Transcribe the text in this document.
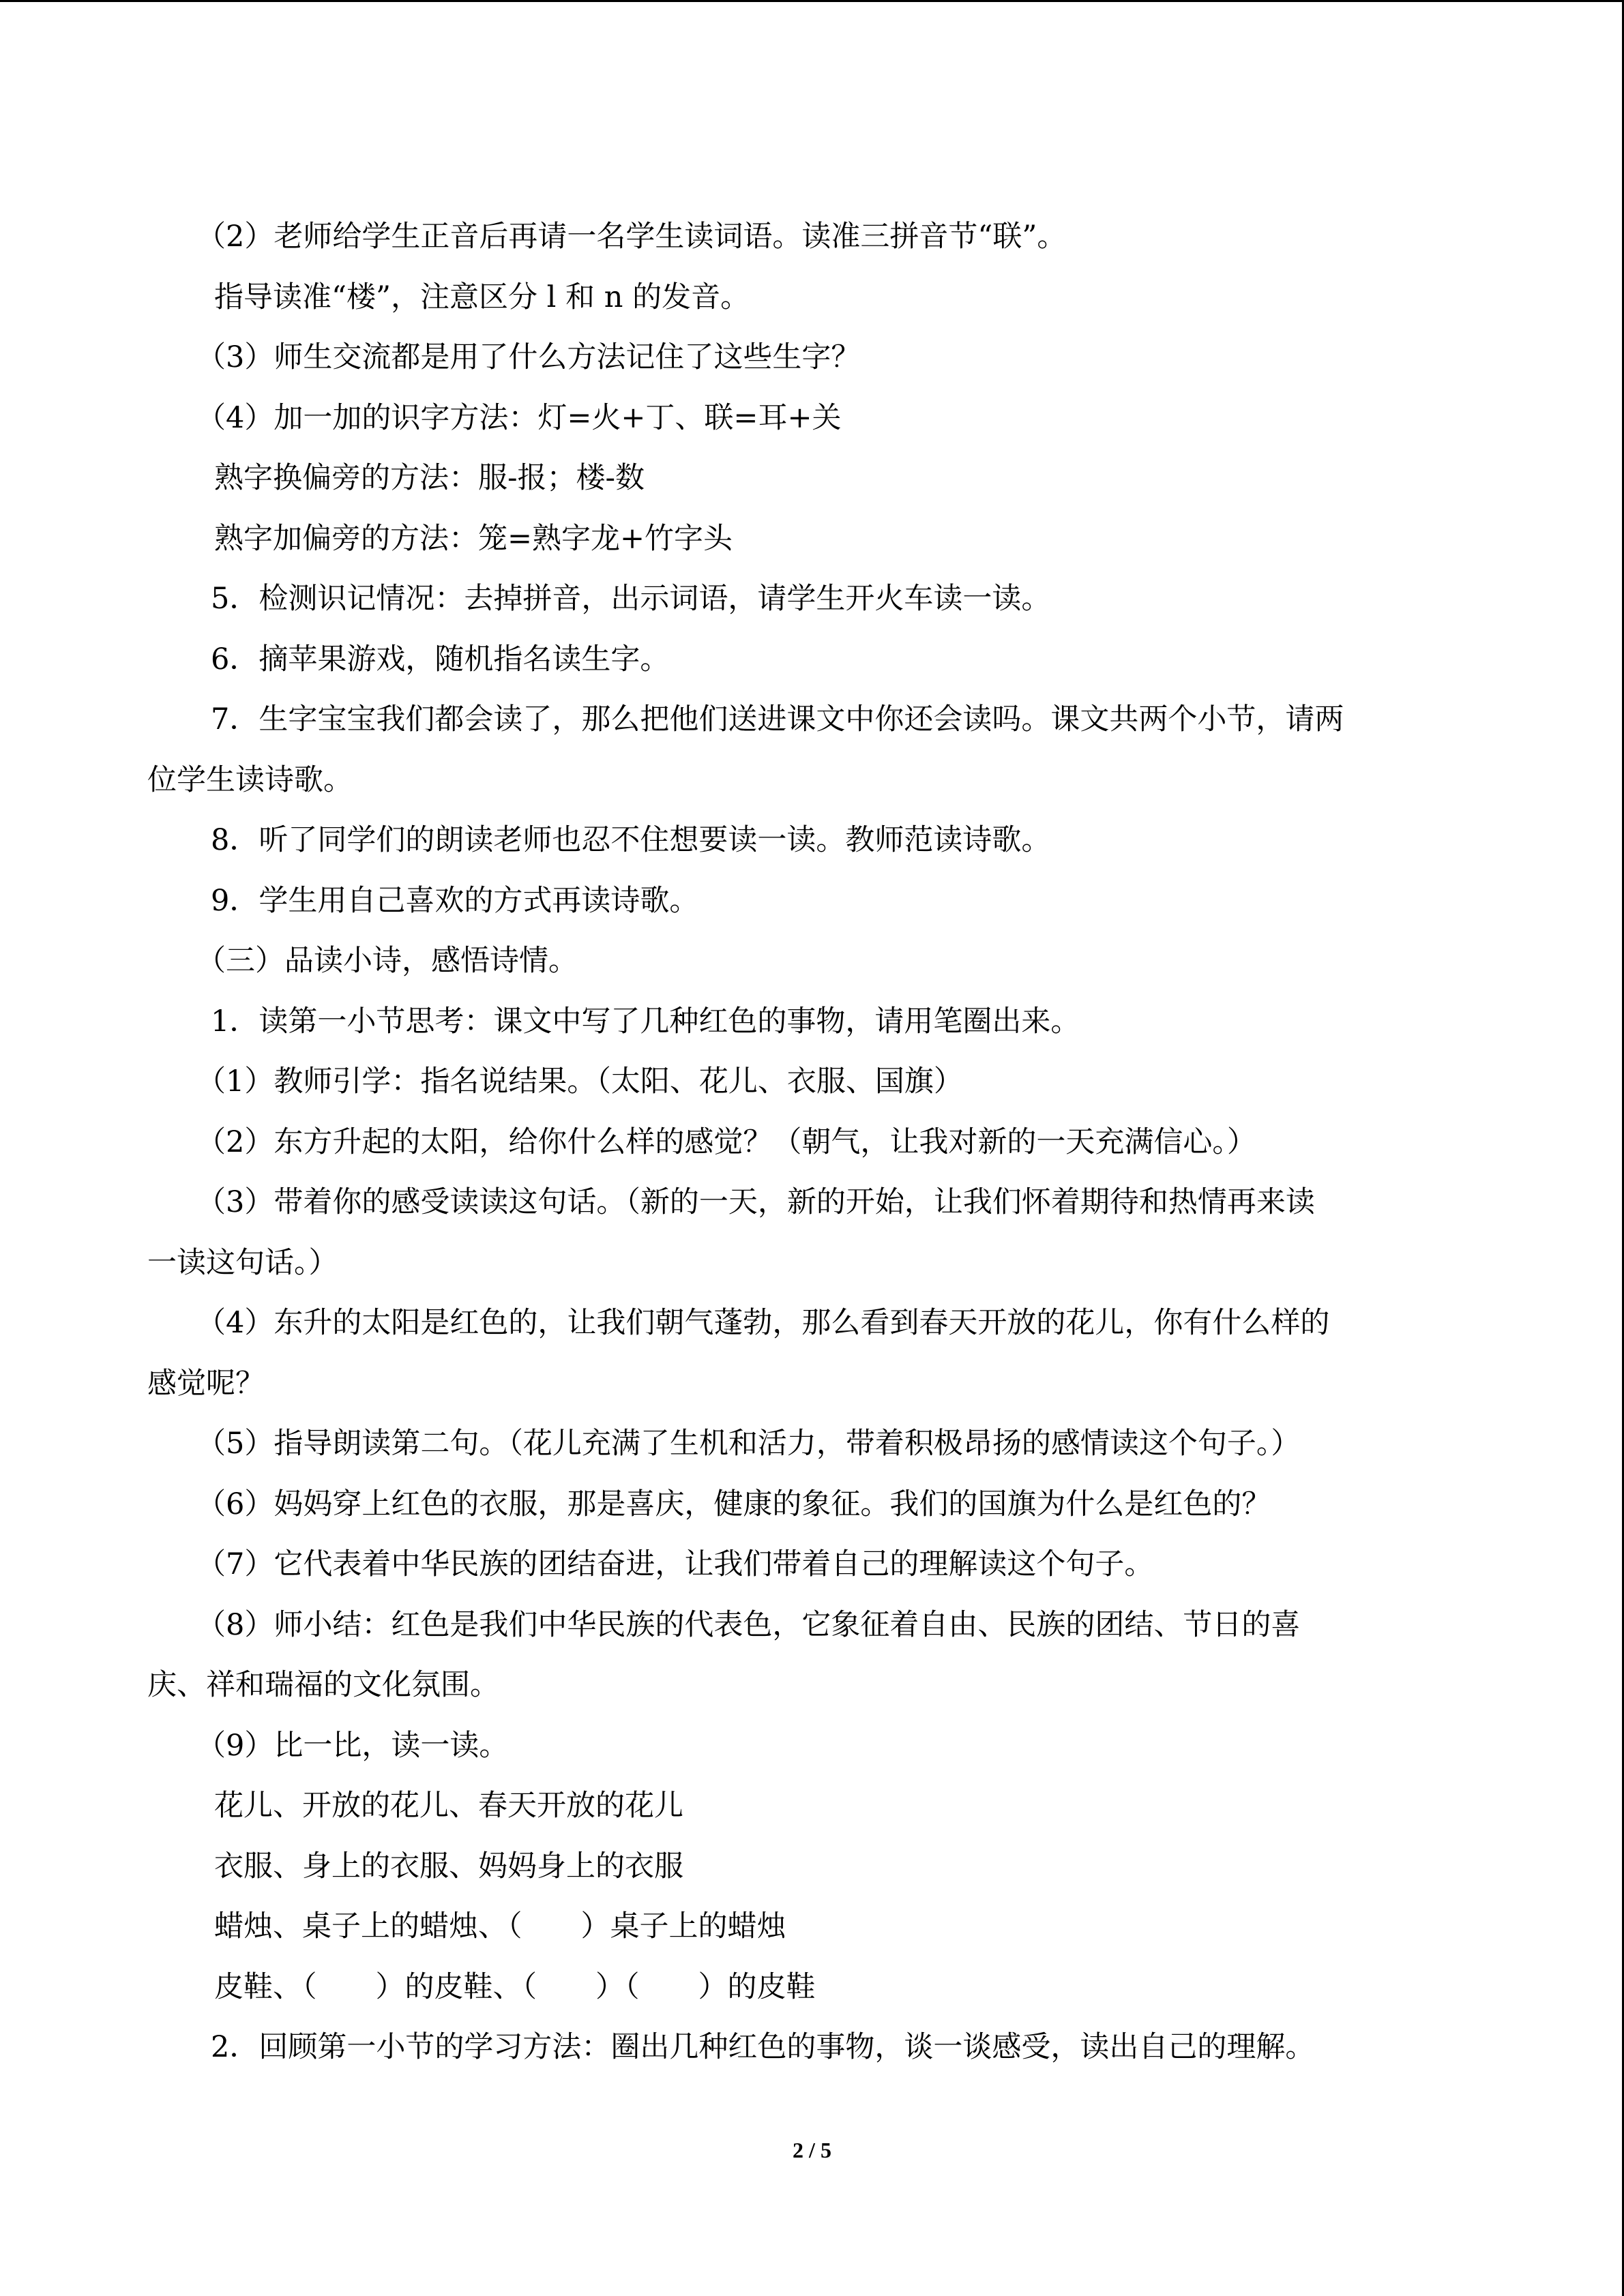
（2）老师给学生正音后再请一名学生读词语。读准三拼音节“联”。
指导读准“楼”，注意区分 l 和 n 的发音。
（3）师生交流都是用了什么方法记住了这些生字？
（4）加一加的识字方法：灯=火+丁、联=耳+关
熟字换偏旁的方法：服-报；楼-数
熟字加偏旁的方法：笼=熟字龙+竹字头
5．检测识记情况：去掉拼音，出示词语，请学生开火车读一读。
6．摘苹果游戏，随机指名读生字。
7．生字宝宝我们都会读了，那么把他们送进课文中你还会读吗。课文共两个小节，请两
位学生读诗歌。
8．听了同学们的朗读老师也忍不住想要读一读。教师范读诗歌。
9．学生用自己喜欢的方式再读诗歌。
（三）品读小诗，感悟诗情。
1．读第一小节思考：课文中写了几种红色的事物，请用笔圈出来。
（1）教师引学：指名说结果。（太阳、花儿、衣服、国旗）
（2）东方升起的太阳，给你什么样的感觉？（朝气，让我对新的一天充满信心。）
（3）带着你的感受读读这句话。（新的一天，新的开始，让我们怀着期待和热情再来读
一读这句话。）
（4）东升的太阳是红色的，让我们朝气蓬勃，那么看到春天开放的花儿，你有什么样的
感觉呢？
（5）指导朗读第二句。（花儿充满了生机和活力，带着积极昂扬的感情读这个句子。）
（6）妈妈穿上红色的衣服，那是喜庆，健康的象征。我们的国旗为什么是红色的？
（7）它代表着中华民族的团结奋进，让我们带着自己的理解读这个句子。
（8）师小结：红色是我们中华民族的代表色，它象征着自由、民族的团结、节日的喜
庆、祥和瑞福的文化氛围。
（9）比一比，读一读。
花儿、开放的花儿、春天开放的花儿
衣服、身上的衣服、妈妈身上的衣服
蜡烛、桌子上的蜡烛、（　　）桌子上的蜡烛
皮鞋、（　　）的皮鞋、（　　）（　　）的皮鞋
2．回顾第一小节的学习方法：圈出几种红色的事物，谈一谈感受，读出自己的理解。
2 / 5
